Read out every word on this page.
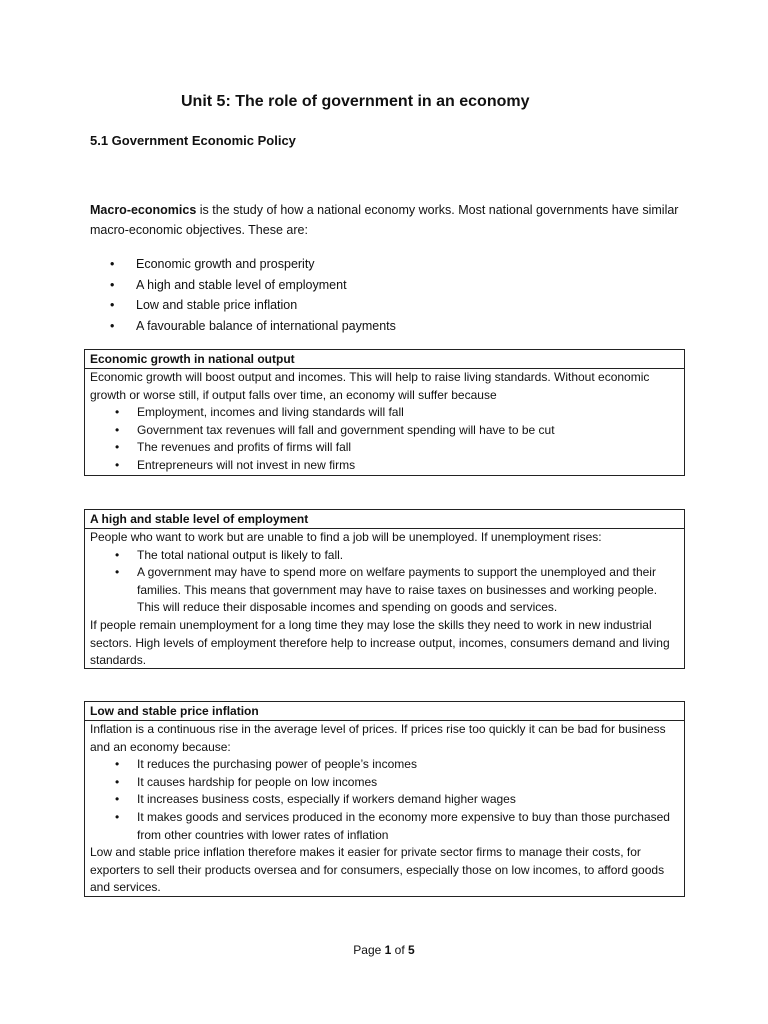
Unit 5: The role of government in an economy
5.1 Government Economic Policy
Macro-economics is the study of how a national economy works. Most national governments have similar macro-economic objectives. These are:
• Economic growth and prosperity
• A high and stable level of employment
• Low and stable price inflation
• A favourable balance of international payments
Economic growth in national output
Economic growth will boost output and incomes. This will help to raise living standards. Without economic growth or worse still, if output falls over time, an economy will suffer because
• Employment, incomes and living standards will fall
• Government tax revenues will fall and government spending will have to be cut
• The revenues and profits of firms will fall
• Entrepreneurs will not invest in new firms
A high and stable level of employment
People who want to work but are unable to find a job will be unemployed. If unemployment rises:
• The total national output is likely to fall.
• A government may have to spend more on welfare payments to support the unemployed and their families. This means that government may have to raise taxes on businesses and working people. This will reduce their disposable incomes and spending on goods and services.
If people remain unemployment for a long time they may lose the skills they need to work in new industrial sectors. High levels of employment therefore help to increase output, incomes, consumers demand and living standards.
Low and stable price inflation
Inflation is a continuous rise in the average level of prices. If prices rise too quickly it can be bad for business and an economy because:
• It reduces the purchasing power of people’s incomes
• It causes hardship for people on low incomes
• It increases business costs, especially if workers demand higher wages
• It makes goods and services produced in the economy more expensive to buy than those purchased from other countries with lower rates of inflation
Low and stable price inflation therefore makes it easier for private sector firms to manage their costs, for exporters to sell their products oversea and for consumers, especially those on low incomes, to afford goods and services.
Page 1 of 5
